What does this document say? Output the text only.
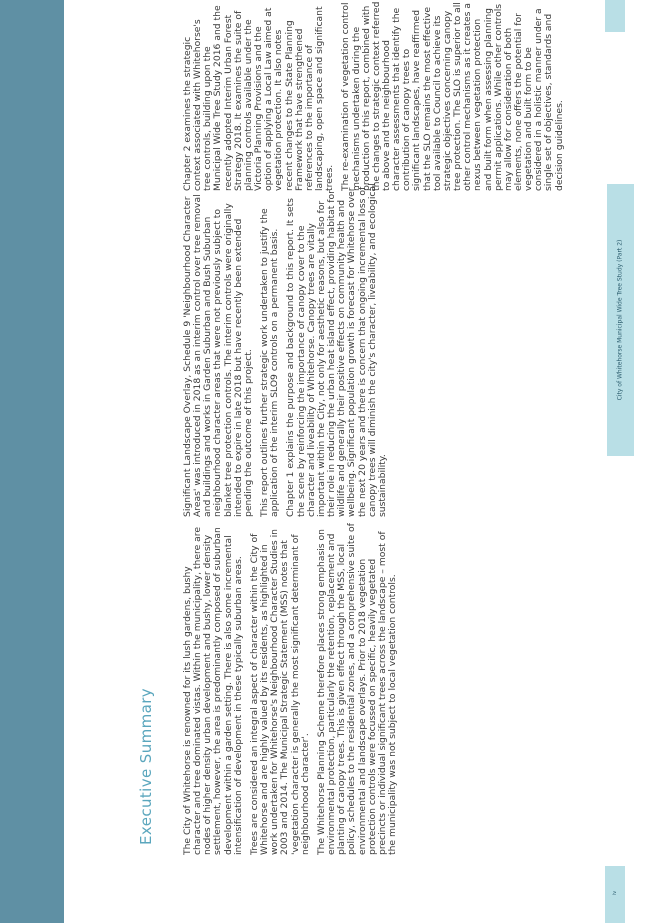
iv
City of Whitehorse Municipal Wide Tree Study (Part 2)
Executive Summary	The City of Whitehorse is renowned for its lush gardens, bushy character and tree dominated vistas. Within the municipality, there are nodes of higher density urban development and bushy, lower density settlement, however, the area is predominantly composed of suburban development within a garden setting. There is also some incremental intensification of development in these typically suburban areas. Trees are considered an integral aspect of character within the City of Whitehorse and are highly valued by its residents, as highlighted in work undertaken for Whitehorse's Neighbourhood Character Studies in 2003 and 2014. The Municipal Strategic Statement (MSS) notes that 'vegetation character is generally the most significant determinant of neighbourhood character'. The Whitehorse Planning Scheme therefore places strong emphasis on environmental protection, particularly the retention, replacement and planting of canopy trees. This is given effect through the MSS, local policy, schedules to the residential zones, and a comprehensive suite of environmental and landscape overlays. Prior to 2018 vegetation protection controls were focussed on specific, heavily vegetated precincts or individual significant trees across the landscape – most of the municipality was not subject to local vegetation controls.

Significant Landscape Overlay, Schedule 9 'Neighbourhood Character Areas' was introduced in 2018 as an interim control over tree removal and buildings and works in Garden Suburban and Bush Suburban neighbourhood character areas that were not previously subject to blanket tree protection controls. The interim controls were originally intended to expire in late 2018 but have recently been extended pending the outcome of this project. This report outlines further strategic work undertaken to justify the application of the interim SLO9 controls on a permanent basis. Chapter 1 explains the purpose and background to this report. It sets the scene by reinforcing the importance of canopy cover to the character and liveability of Whitehorse. Canopy trees are vitally important within the City, not only for aesthetic reasons, but also for their role in reducing the urban heat island effect, providing habitat for wildlife and generally their positive effects on community health and wellbeing. Significant population growth is forecast for Whitehorse over the next 20 years and there is concern that ongoing incremental loss of canopy trees will diminish the city's character, liveability, and ecological sustainability.

Chapter 2 examines the strategic context associated with Whitehorse's tree controls, building upon the Municipal Wide Tree Study 2016 and the recently adopted Interim Urban Forest Strategy 2018. It examines the suite of planning controls available under the Victoria Planning Provisions and the option of applying a Local Law aimed at vegetation protection. It also notes recent changes to the State Planning Framework that have strengthened references to the importance of landscaping, open space and significant trees. The re-examination of vegetation control mechanisms undertaken during the production of this report, combined with the changes to strategic context referred to above and the neighbourhood character assessments that identify the contribution of canopy trees to significant landscapes, have reaffirmed that the SLO remains the most effective tool available to Council to achieve its strategic objectives concerning canopy tree protection. The SLO is superior to all other control mechanisms as it creates a nexus between vegetation protection and built form when assessing planning permit applications. While other controls may allow for consideration of both elements, none offers the potential for vegetation and built form to be considered in a holistic manner under a single set of objectives, standards and decision guidelines.
